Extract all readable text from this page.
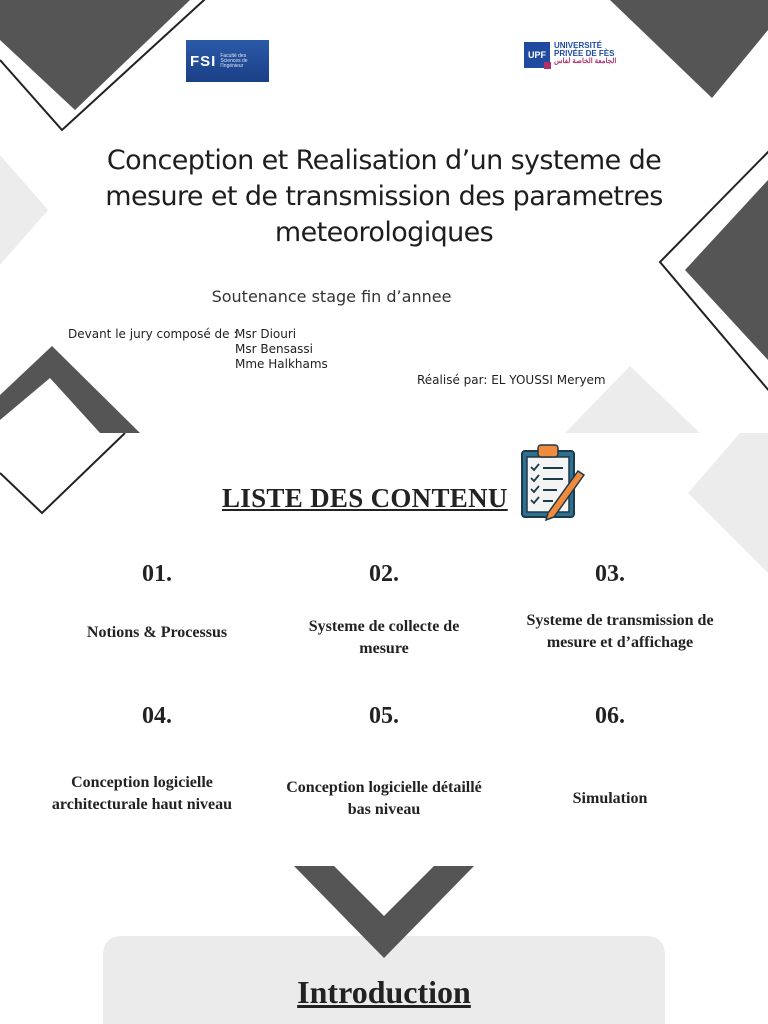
FSI Faculté des Sciences de l'Ingénieur
UPF
UNIVERSITÉ
PRIVÉE DE FÈS
الجامعة الخاصة لفاس
Conception et Realisation d’un systeme de mesure et de transmission des parametres meteorologiques
Soutenance stage fin d’annee
Devant le jury composé de :
Msr Diouri
Msr Bensassi
Mme Halkhams
Réalisé par: EL YOUSSI Meryem
LISTE DES CONTENU
01.
Notions & Processus
02.
Systeme de collecte de mesure
03.
Systeme de transmission de mesure et d’affichage
04.
Conception logicielle architecturale haut niveau
05.
Conception logicielle détaillé bas niveau
06.
Simulation
Introduction
